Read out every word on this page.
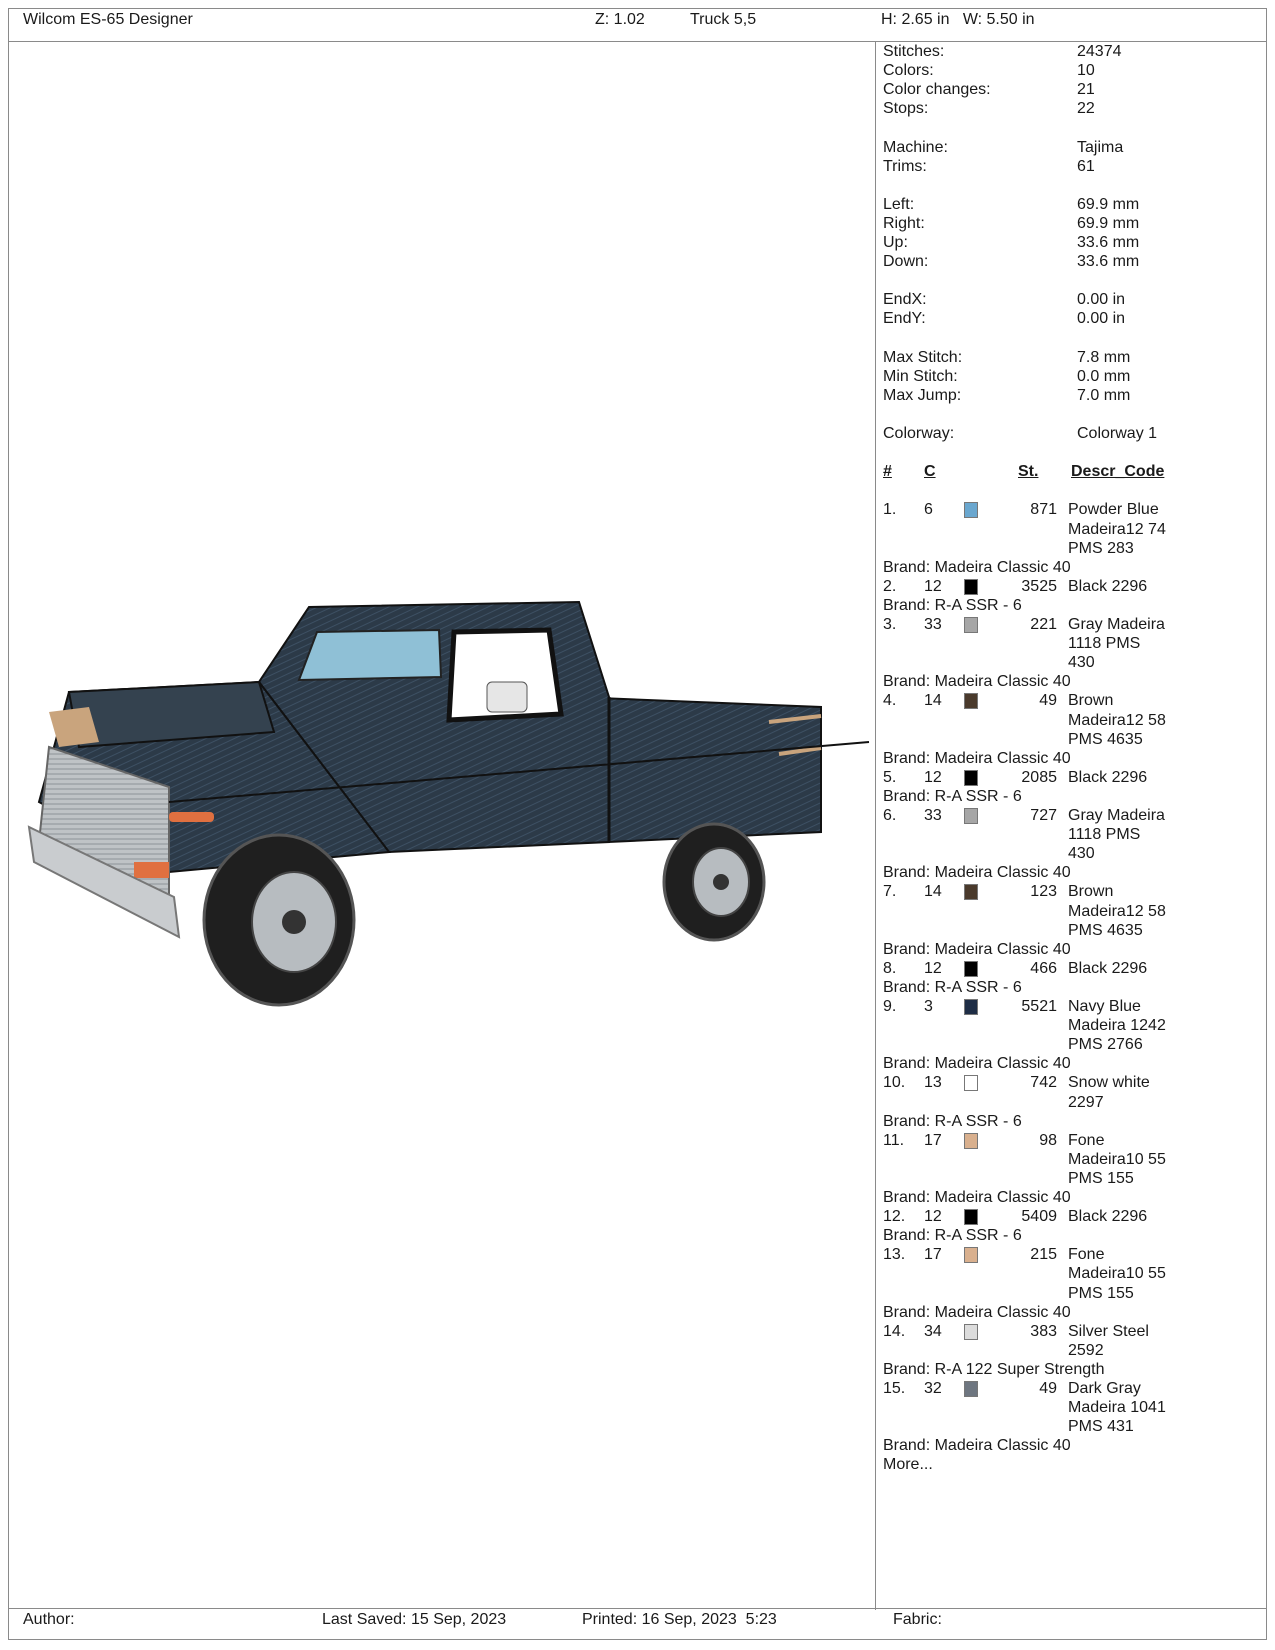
Wilcom ES-65 Designer	Z: 1.02	Truck 5,5	H: 2.65 in   W: 5.50 in
Stitches:	24374
Colors:	10
Color changes:	21
Stops:	22
Machine:	Tajima
Trims:	61
Left:	69.9 mm
Right:	69.9 mm
Up:	33.6 mm
Down:	33.6 mm
EndX:	0.00 in
EndY:	0.00 in
Max Stitch:	7.8 mm
Min Stitch:	0.0 mm
Max Jump:	7.0 mm
Colorway:	Colorway 1
# C	St. Descr_Code
1. 6	871 Powder Blue
Madeira12 74
PMS 283
Brand: Madeira Classic 40
2. 12	3525 Black 2296
Brand: R-A SSR - 6
3. 33	221 Gray Madeira
1118 PMS
430
Brand: Madeira Classic 40
4. 14	49 Brown
Madeira12 58
PMS 4635
Brand: Madeira Classic 40
5. 12	2085 Black 2296
Brand: R-A SSR - 6
6. 33	727 Gray Madeira
1118 PMS
430
Brand: Madeira Classic 40
7. 14	123 Brown
Madeira12 58
PMS 4635
Brand: Madeira Classic 40
8. 12	466 Black 2296
Brand: R-A SSR - 6
9. 3	5521 Navy Blue
Madeira 1242
PMS 2766
Brand: Madeira Classic 40
10. 13	742 Snow white
2297
Brand: R-A SSR - 6
11. 17	98 Fone
Madeira10 55
PMS 155
Brand: Madeira Classic 40
12. 12	5409 Black 2296
Brand: R-A SSR - 6
13. 17	215 Fone
Madeira10 55
PMS 155
Brand: Madeira Classic 40
14. 34	383 Silver Steel
2592
Brand: R-A 122 Super Strength
15. 32	49 Dark Gray
Madeira 1041
PMS 431
Brand: Madeira Classic 40
More...
Author:	Last Saved: 15 Sep, 2023	Printed: 16 Sep, 2023  5:23	Fabric:
